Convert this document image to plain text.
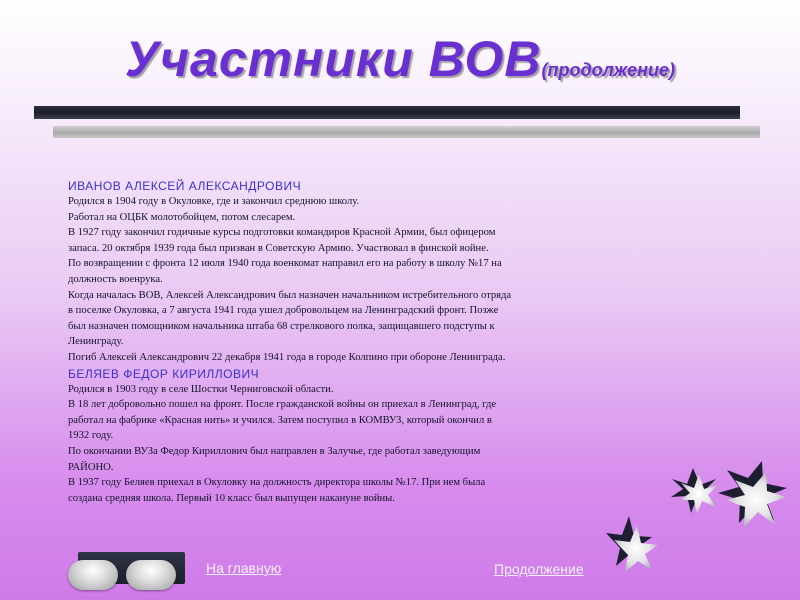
Участники ВОВ(продолжение)
ИВАНОВ АЛЕКСЕЙ АЛЕКСАНДРОВИЧ
Родился в 1904 году в Окуловке, где и закончил среднюю школу.
Работал на ОЦБК молотобойцем, потом слесарем.
В 1927 году закончил годичные курсы подготовки командиров Красной Армии, был офицером
запаса. 20 октября 1939 года был призван в Советскую Армию. Участвовал в финской войне.
По возвращении с фронта 12 июля 1940 года военкомат направил его на работу в школу №17 на
должность военрука.
Когда началась ВОВ, Алексей Александрович был назначен начальником истребительного отряда
в поселке Окуловка, а 7 августа 1941 года ушел добровольцем на Ленинградский фронт. Позже
был назначен помощником начальника штаба 68 стрелкового полка, защищавшего подступы к
Ленинграду.
Погиб Алексей Александрович 22 декабря 1941 года в городе Колпино при обороне Ленинграда.
БЕЛЯЕВ ФЕДОР КИРИЛЛОВИЧ
Родился в 1903 году в селе Шостки Черниговской области.
В 18 лет добровольно пошел на фронт. После гражданской войны он приехал в Ленинград, где
работал на фабрике «Красная нить» и учился. Затем поступил в КОМВУЗ, который окончил в
1932 году.
По окончании ВУЗа Федор Кириллович был направлен в Залучье, где работал заведующим
РАЙОНО.
В 1937 году Беляев приехал в Окуловку на должность директора школы №17. При нем была
создана средняя школа. Первый 10 класс был выпущен накануне войны.
На главную	Продолжение
